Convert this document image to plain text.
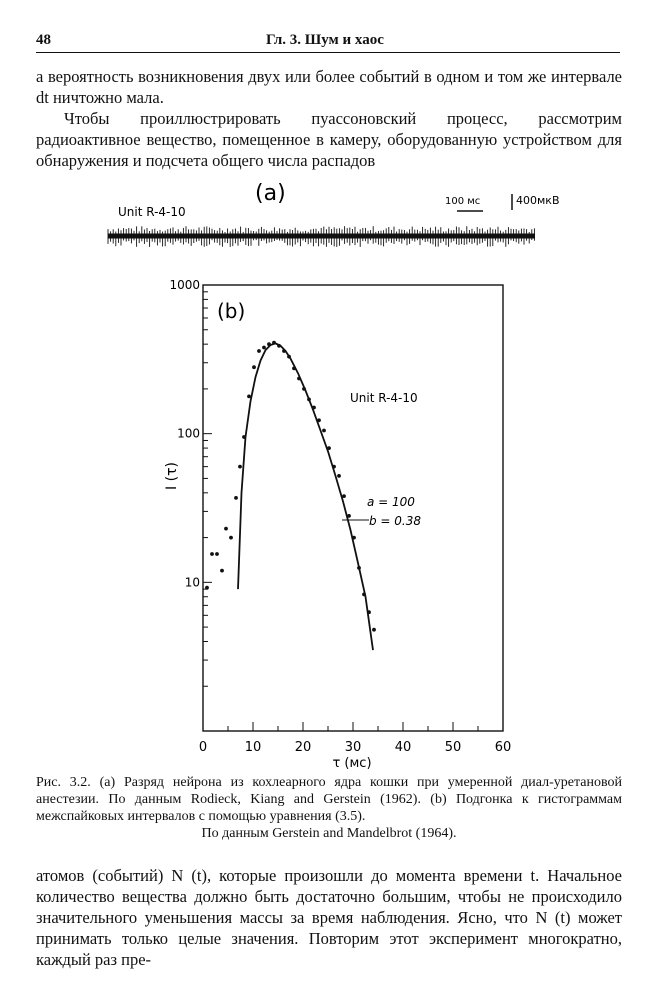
48	Гл. 3. Шум и хаос
а вероятность возникновения двух или более событий в одном и том же интервале dt ничтожно мала.
Чтобы проиллюстрировать пуассоновский процесс, рассмотрим радиоактивное вещество, помещенное в камеру, оборудованную устройством для обнаружения и подсчета общего числа распадов
(a)
Unit R-4-10
100 мс	400мкВ
(b)
Unit R-4-10
a = 100
b = 0.38
0	10	20	30	40	50	60
10
100
1000
τ (мс)
I (τ)
Рис. 3.2. (а) Разряд нейрона из кохлеарного ядра кошки при умеренной диал-уретановой анестезии. По данным Rodieck, Kiang and Gerstein (1962). (b) Подгонка к гистограммам межспайковых интервалов с помощью уравнения (3.5).
По данным Gerstein and Mandelbrot (1964).
атомов (событий) N (t), которые произошли до момента времени t. Начальное количество вещества должно быть достаточно большим, чтобы не происходило значительного уменьшения массы за время наблюдения. Ясно, что N (t) может принимать только целые значения. Повторим этот эксперимент многократно, каждый раз пре-
